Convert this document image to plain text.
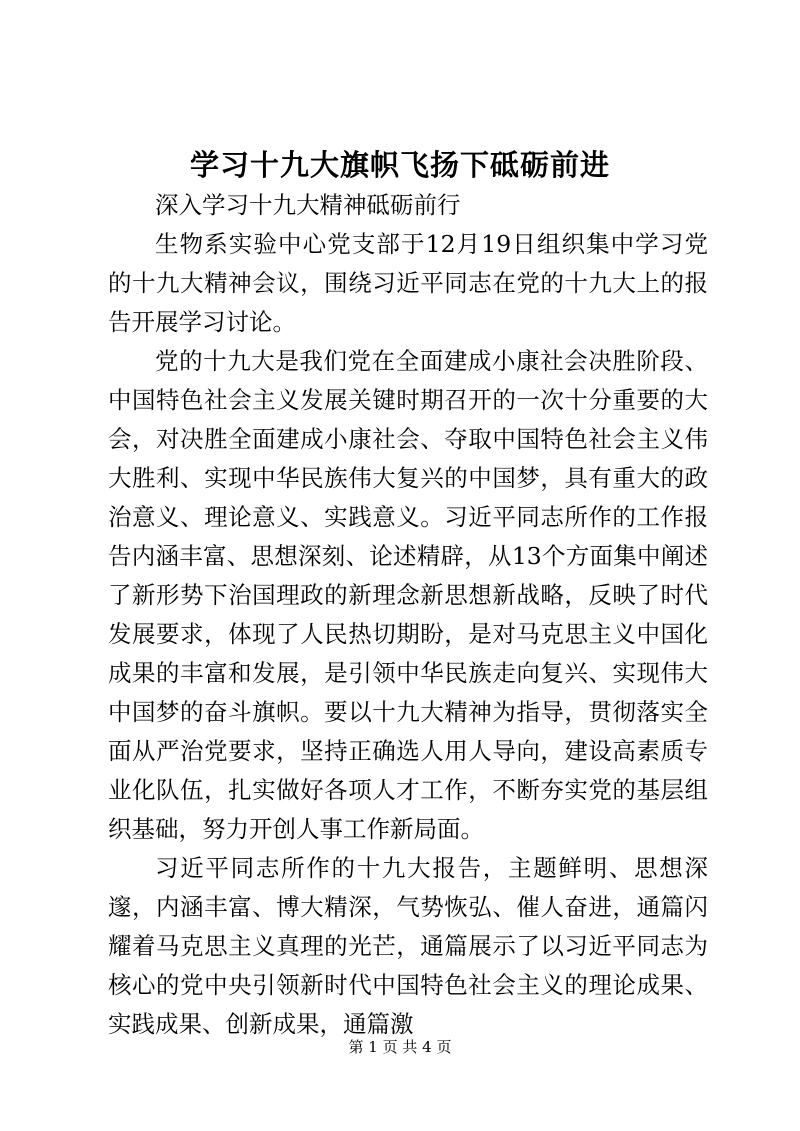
学习十九大旗帜飞扬下砥砺前进

深入学习十九大精神砥砺前行

生物系实验中心党支部于12月19日组织集中学习党的十九大精神会议，围绕习近平同志在党的十九大上的报告开展学习讨论。

党的十九大是我们党在全面建成小康社会决胜阶段、中国特色社会主义发展关键时期召开的一次十分重要的大会，对决胜全面建成小康社会、夺取中国特色社会主义伟大胜利、实现中华民族伟大复兴的中国梦，具有重大的政治意义、理论意义、实践意义。习近平同志所作的工作报告内涵丰富、思想深刻、论述精辟，从13个方面集中阐述了新形势下治国理政的新理念新思想新战略，反映了时代发展要求，体现了人民热切期盼，是对马克思主义中国化成果的丰富和发展，是引领中华民族走向复兴、实现伟大中国梦的奋斗旗帜。要以十九大精神为指导，贯彻落实全面从严治党要求，坚持正确选人用人导向，建设高素质专业化队伍，扎实做好各项人才工作，不断夯实党的基层组织基础，努力开创人事工作新局面。

习近平同志所作的十九大报告，主题鲜明、思想深邃，内涵丰富、博大精深，气势恢弘、催人奋进，通篇闪耀着马克思主义真理的光芒，通篇展示了以习近平同志为核心的党中央引领新时代中国特色社会主义的理论成果、实践成果、创新成果，通篇激

第 1 页 共 4 页
